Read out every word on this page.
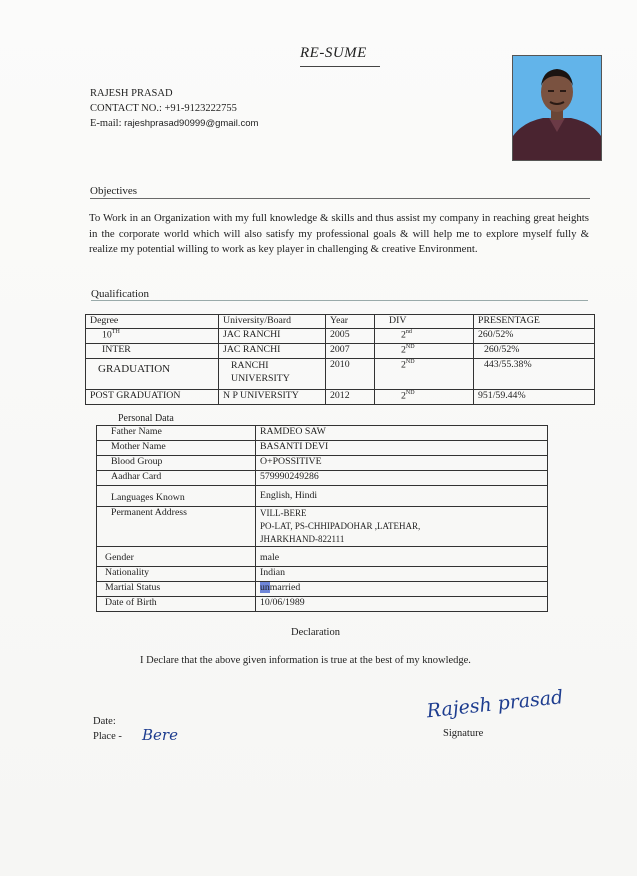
RE-SUME
RAJESH PRASAD
CONTACT NO.: +91-9123222755
E-mail: rajeshprasad90999@gmail.com
Objectives
To Work in an Organization with my full knowledge & skills and thus assist my company in reaching great heights in the corporate world which will also satisfy my professional goals & will help me to explore myself fully & realize my potential willing to work as key player in challenging & creative Environment.
Qualification
Degree	University/Board	Year	DIV	PRESENTAGE
10TH	JAC RANCHI	2005	2nd	260/52%
INTER	JAC RANCHI	2007	2ND	260/52%
GRADUATION	RANCHI UNIVERSITY	2010	2ND	443/55.38%
POST GRADUATION	N P UNIVERSITY	2012	2ND	951/59.44%
Personal Data
Father Name	RAMDEO SAW
Mother Name	BASANTI DEVI
Blood Group	O+POSSITIVE
Aadhar Card	579990249286
Languages Known	English, Hindi
Permanent Address	VILL-BERE
PO-LAT, PS-CHHIPADOHAR ,LATEHAR,
JHARKHAND-822111

Gender	male
Nationality	Indian
Martial Status	unmarried
Date of Birth	10/06/1989
Declaration
I Declare that the above given information is true at the best of my knowledge.
Date:
Place - Bere
Rajesh prasad
Signature
